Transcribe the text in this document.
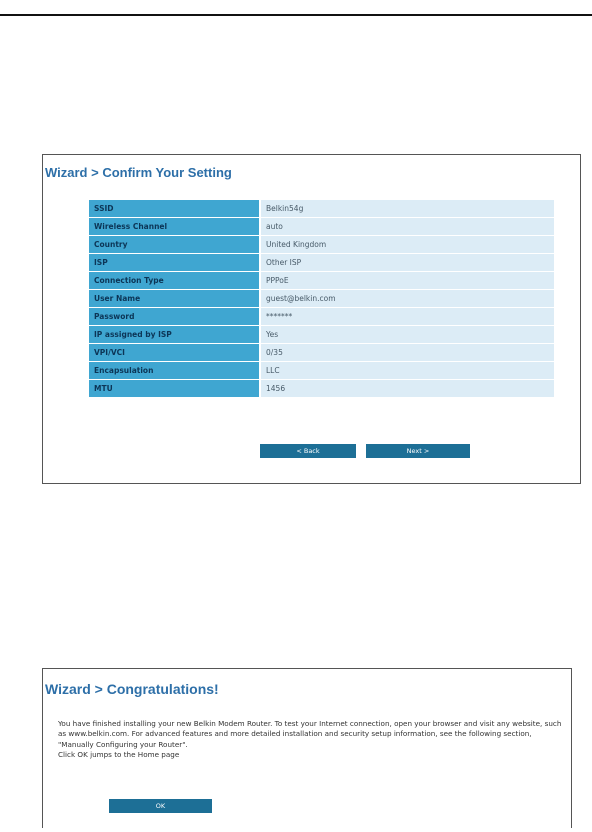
Wizard > Confirm Your Setting
SSID	Belkin54g
Wireless Channel	auto
Country	United Kingdom
ISP	Other ISP
Connection Type	PPPoE
User Name	guest@belkin.com
Password	*******
IP assigned by ISP	Yes
VPI/VCI	0/35
Encapsulation	LLC
MTU	1456
< Back	Next >
Wizard > Congratulations!

You have finished installing your new Belkin Modem Router. To test your Internet connection, open your browser and visit any website, such as www.belkin.com. For advanced features and more detailed installation and security setup information, see the following section, "Manually Configuring your Router".

Click OK jumps to the Home page

OK
